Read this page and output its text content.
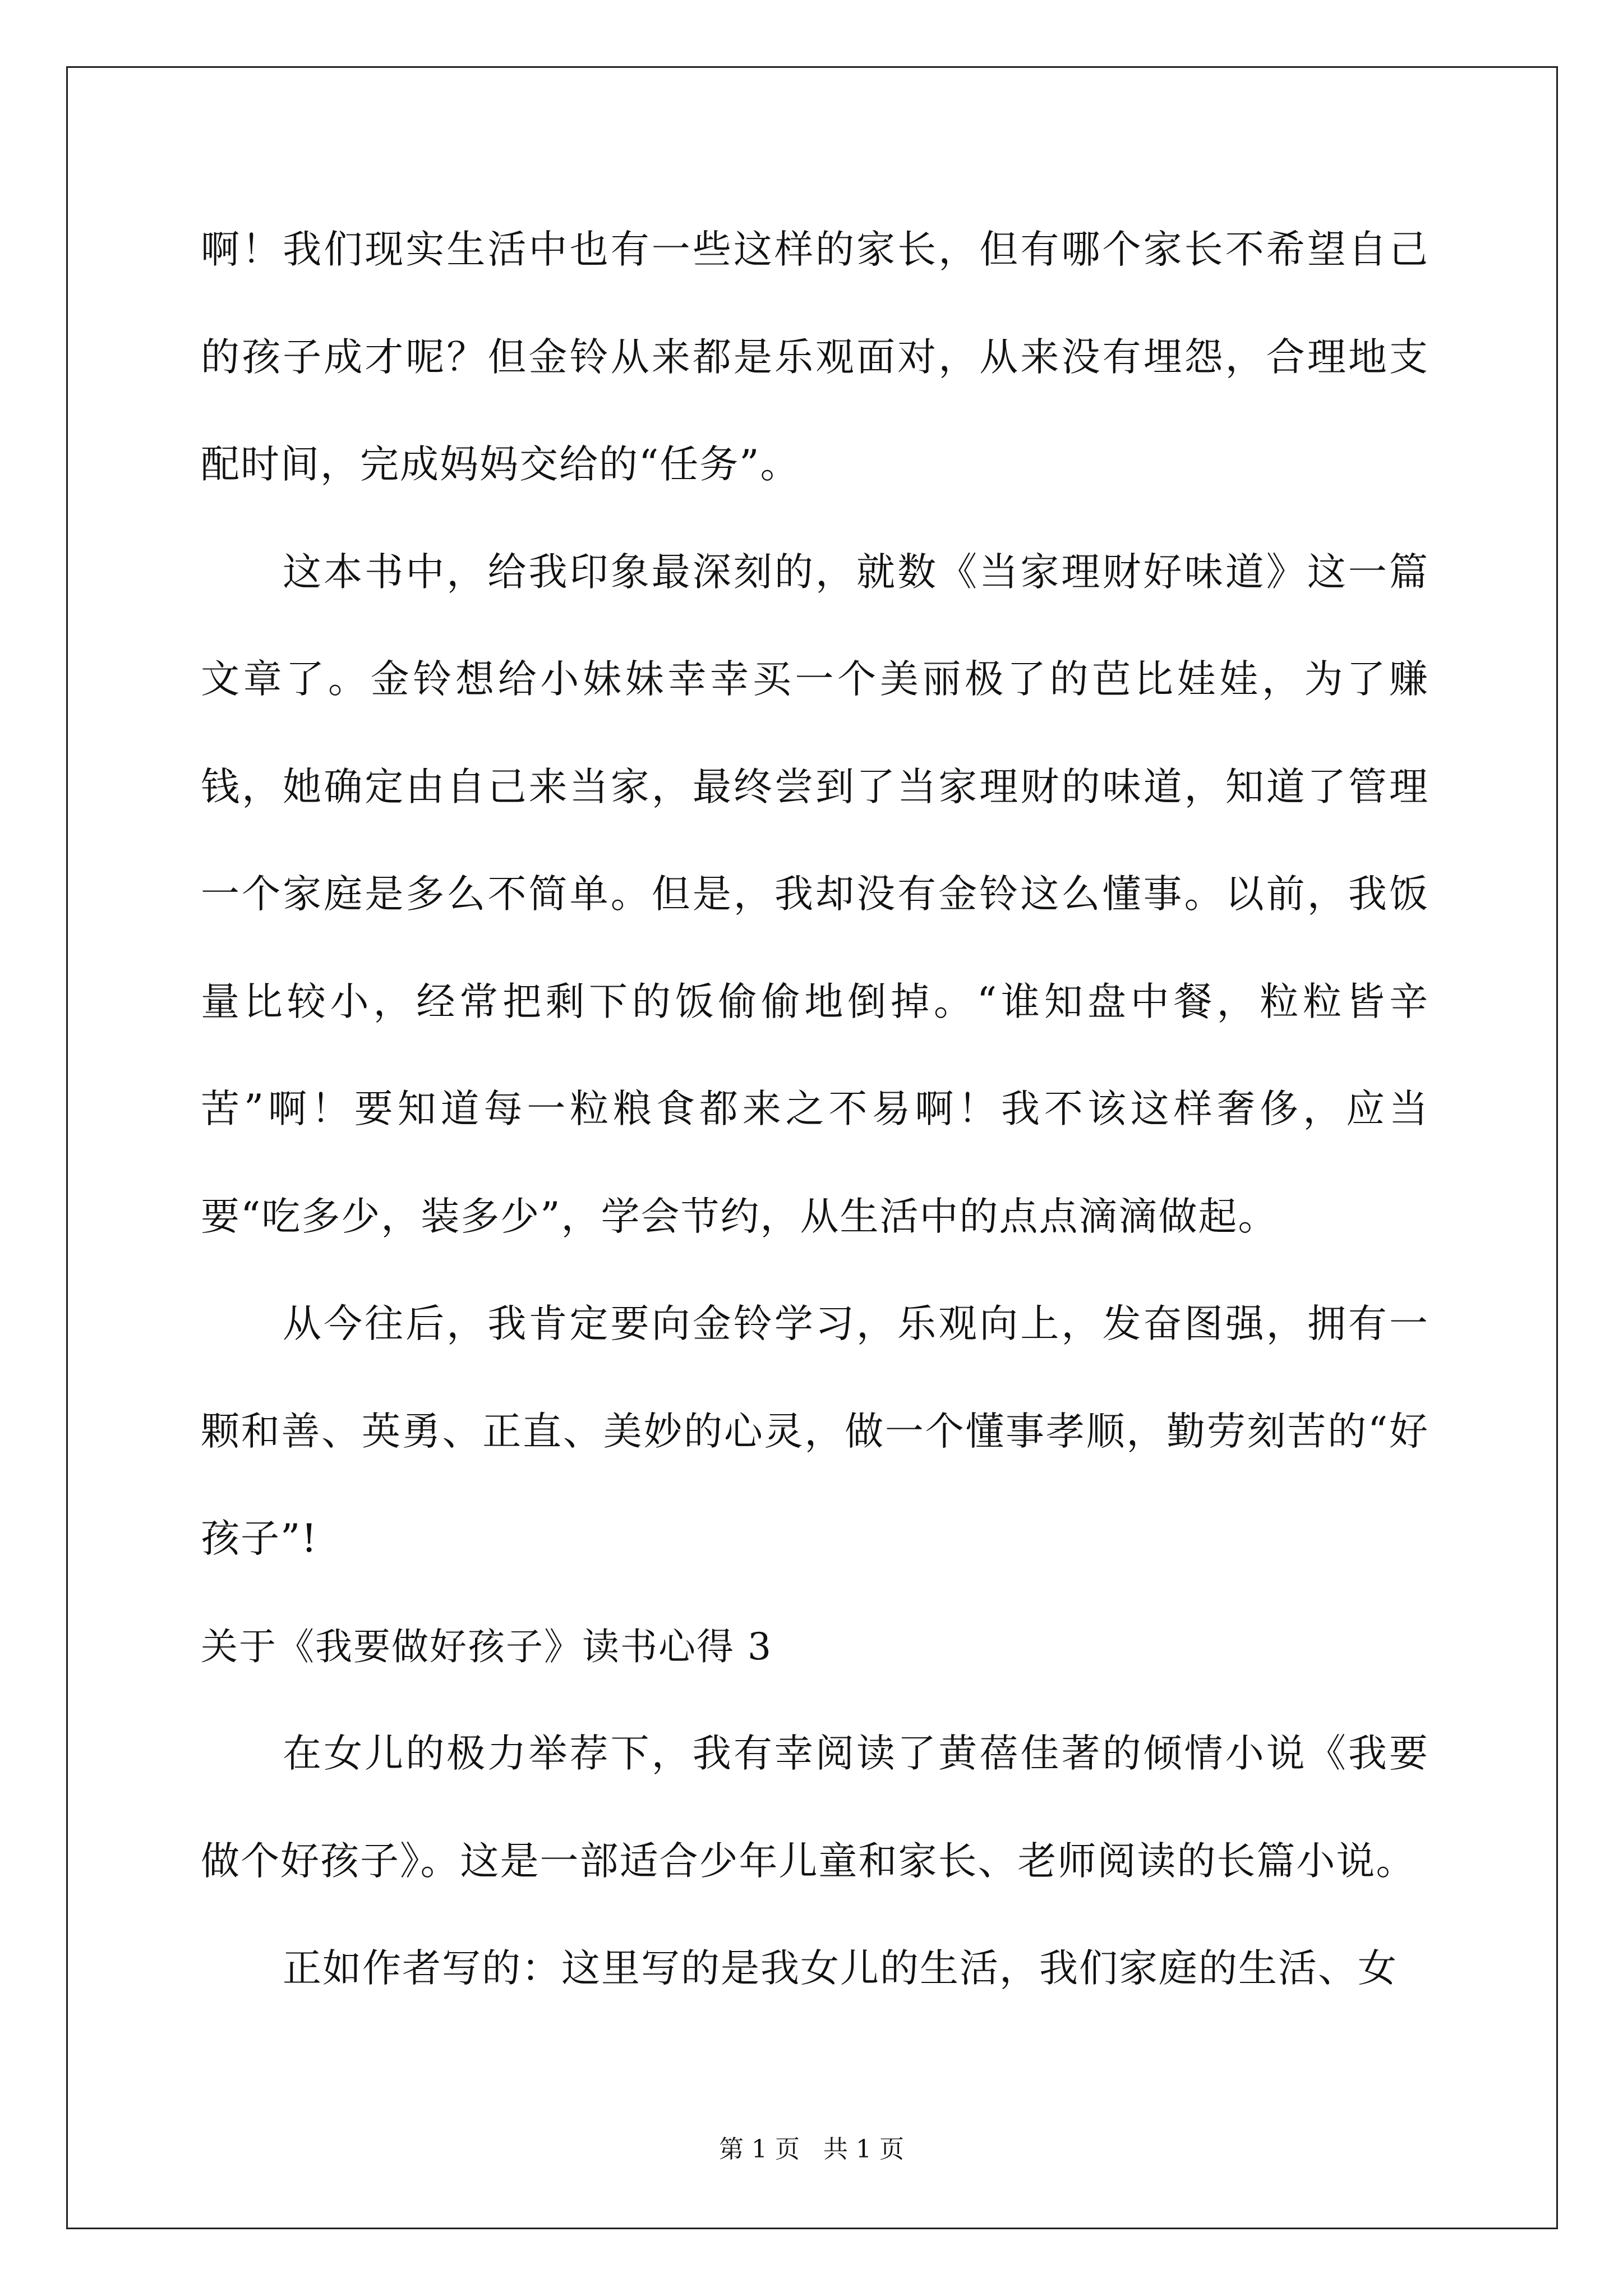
啊！我们现实生活中也有一些这样的家长，但有哪个家长不希望自己的孩子成才呢？但金铃从来都是乐观面对，从来没有埋怨，合理地支配时间，完成妈妈交给的“任务”。

这本书中，给我印象最深刻的，就数《当家理财好味道》这一篇文章了。金铃想给小妹妹幸幸买一个美丽极了的芭比娃娃，为了赚钱，她确定由自己来当家，最终尝到了当家理财的味道，知道了管理一个家庭是多么不简单。但是，我却没有金铃这么懂事。以前，我饭量比较小，经常把剩下的饭偷偷地倒掉。“谁知盘中餐，粒粒皆辛苦”啊！要知道每一粒粮食都来之不易啊！我不该这样奢侈，应当要“吃多少，装多少”，学会节约，从生活中的点点滴滴做起。

从今往后，我肯定要向金铃学习，乐观向上，发奋图强，拥有一颗和善、英勇、正直、美妙的心灵，做一个懂事孝顺，勤劳刻苦的“好孩子”!

关于《我要做好孩子》读书心得 3

在女儿的极力举荐下，我有幸阅读了黄蓓佳著的倾情小说《我要做个好孩子》。这是一部适合少年儿童和家长、老师阅读的长篇小说。

正如作者写的：这里写的是我女儿的生活，我们家庭的生活、女

第 1 页 共 1 页
